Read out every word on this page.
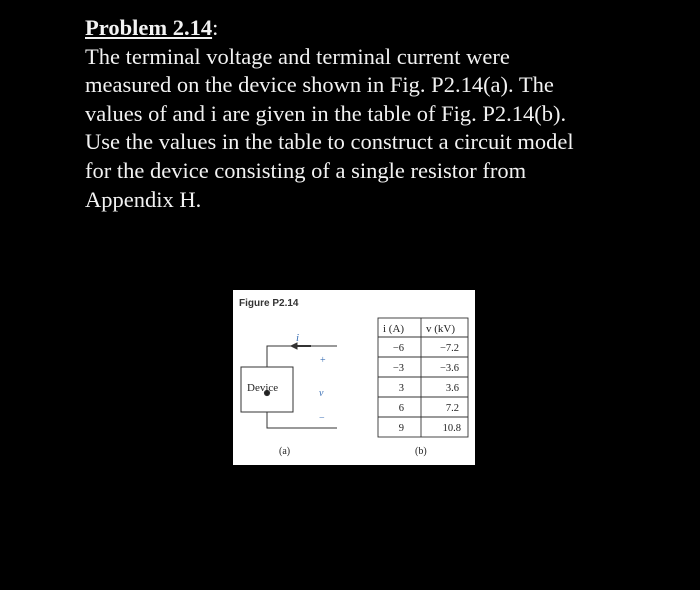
Problem 2.14:

The terminal voltage and terminal current were

measured on the device shown in Fig. P2.14(a). The

values of and i are given in the table of Fig. P2.14(b).

Use the values in the table to construct a circuit model

for the device consisting of a single resistor from

Appendix H.

Figure P2.14
Device
i
+
v
−
(a)
i (A) v (kV)
−6	−7.2
−3	−3.6
3	3.6
6	7.2
9	10.8
(b)
